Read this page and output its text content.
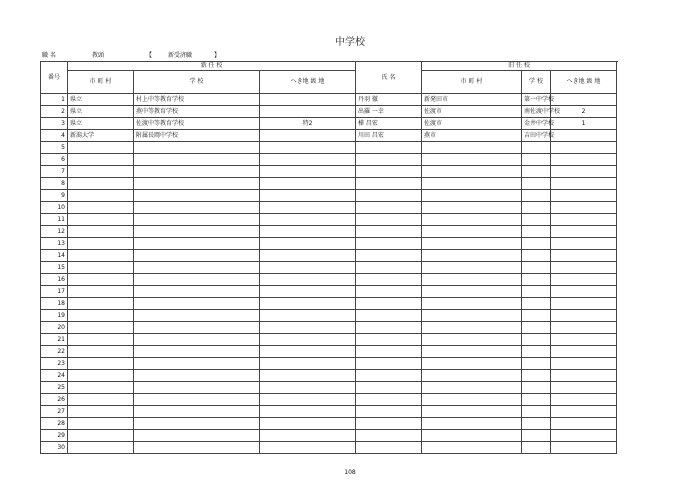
中学校
職 名	教頭	【	新受済職	】
番号	新 任 校			氏 名	旧 任 校			
	市 町 村	学 校	へき地 級 地		市 町 村	学 校	へき地 級 地	
1	県立	村上中等教育学校		丹羽 徹	新発田市	第一中学校		
2	県立	燕中等教育学校		出羅 一幸	佐渡市	南佐渡中学校	2	
3	県立	佐渡中等教育学校	特2	樺 昌宏	佐渡市	金井中学校	1	
4	新潟大学	附属長岡中学校		川田 昌宏	燕市	吉田中学校		
5								
6								
7								
8								
9								
10								
11								
12								
13								
14								
15								
16								
17								
18								
19								
20								
21								
22								
23								
24								
25								
26								
27								
28								
29								
30								
108
